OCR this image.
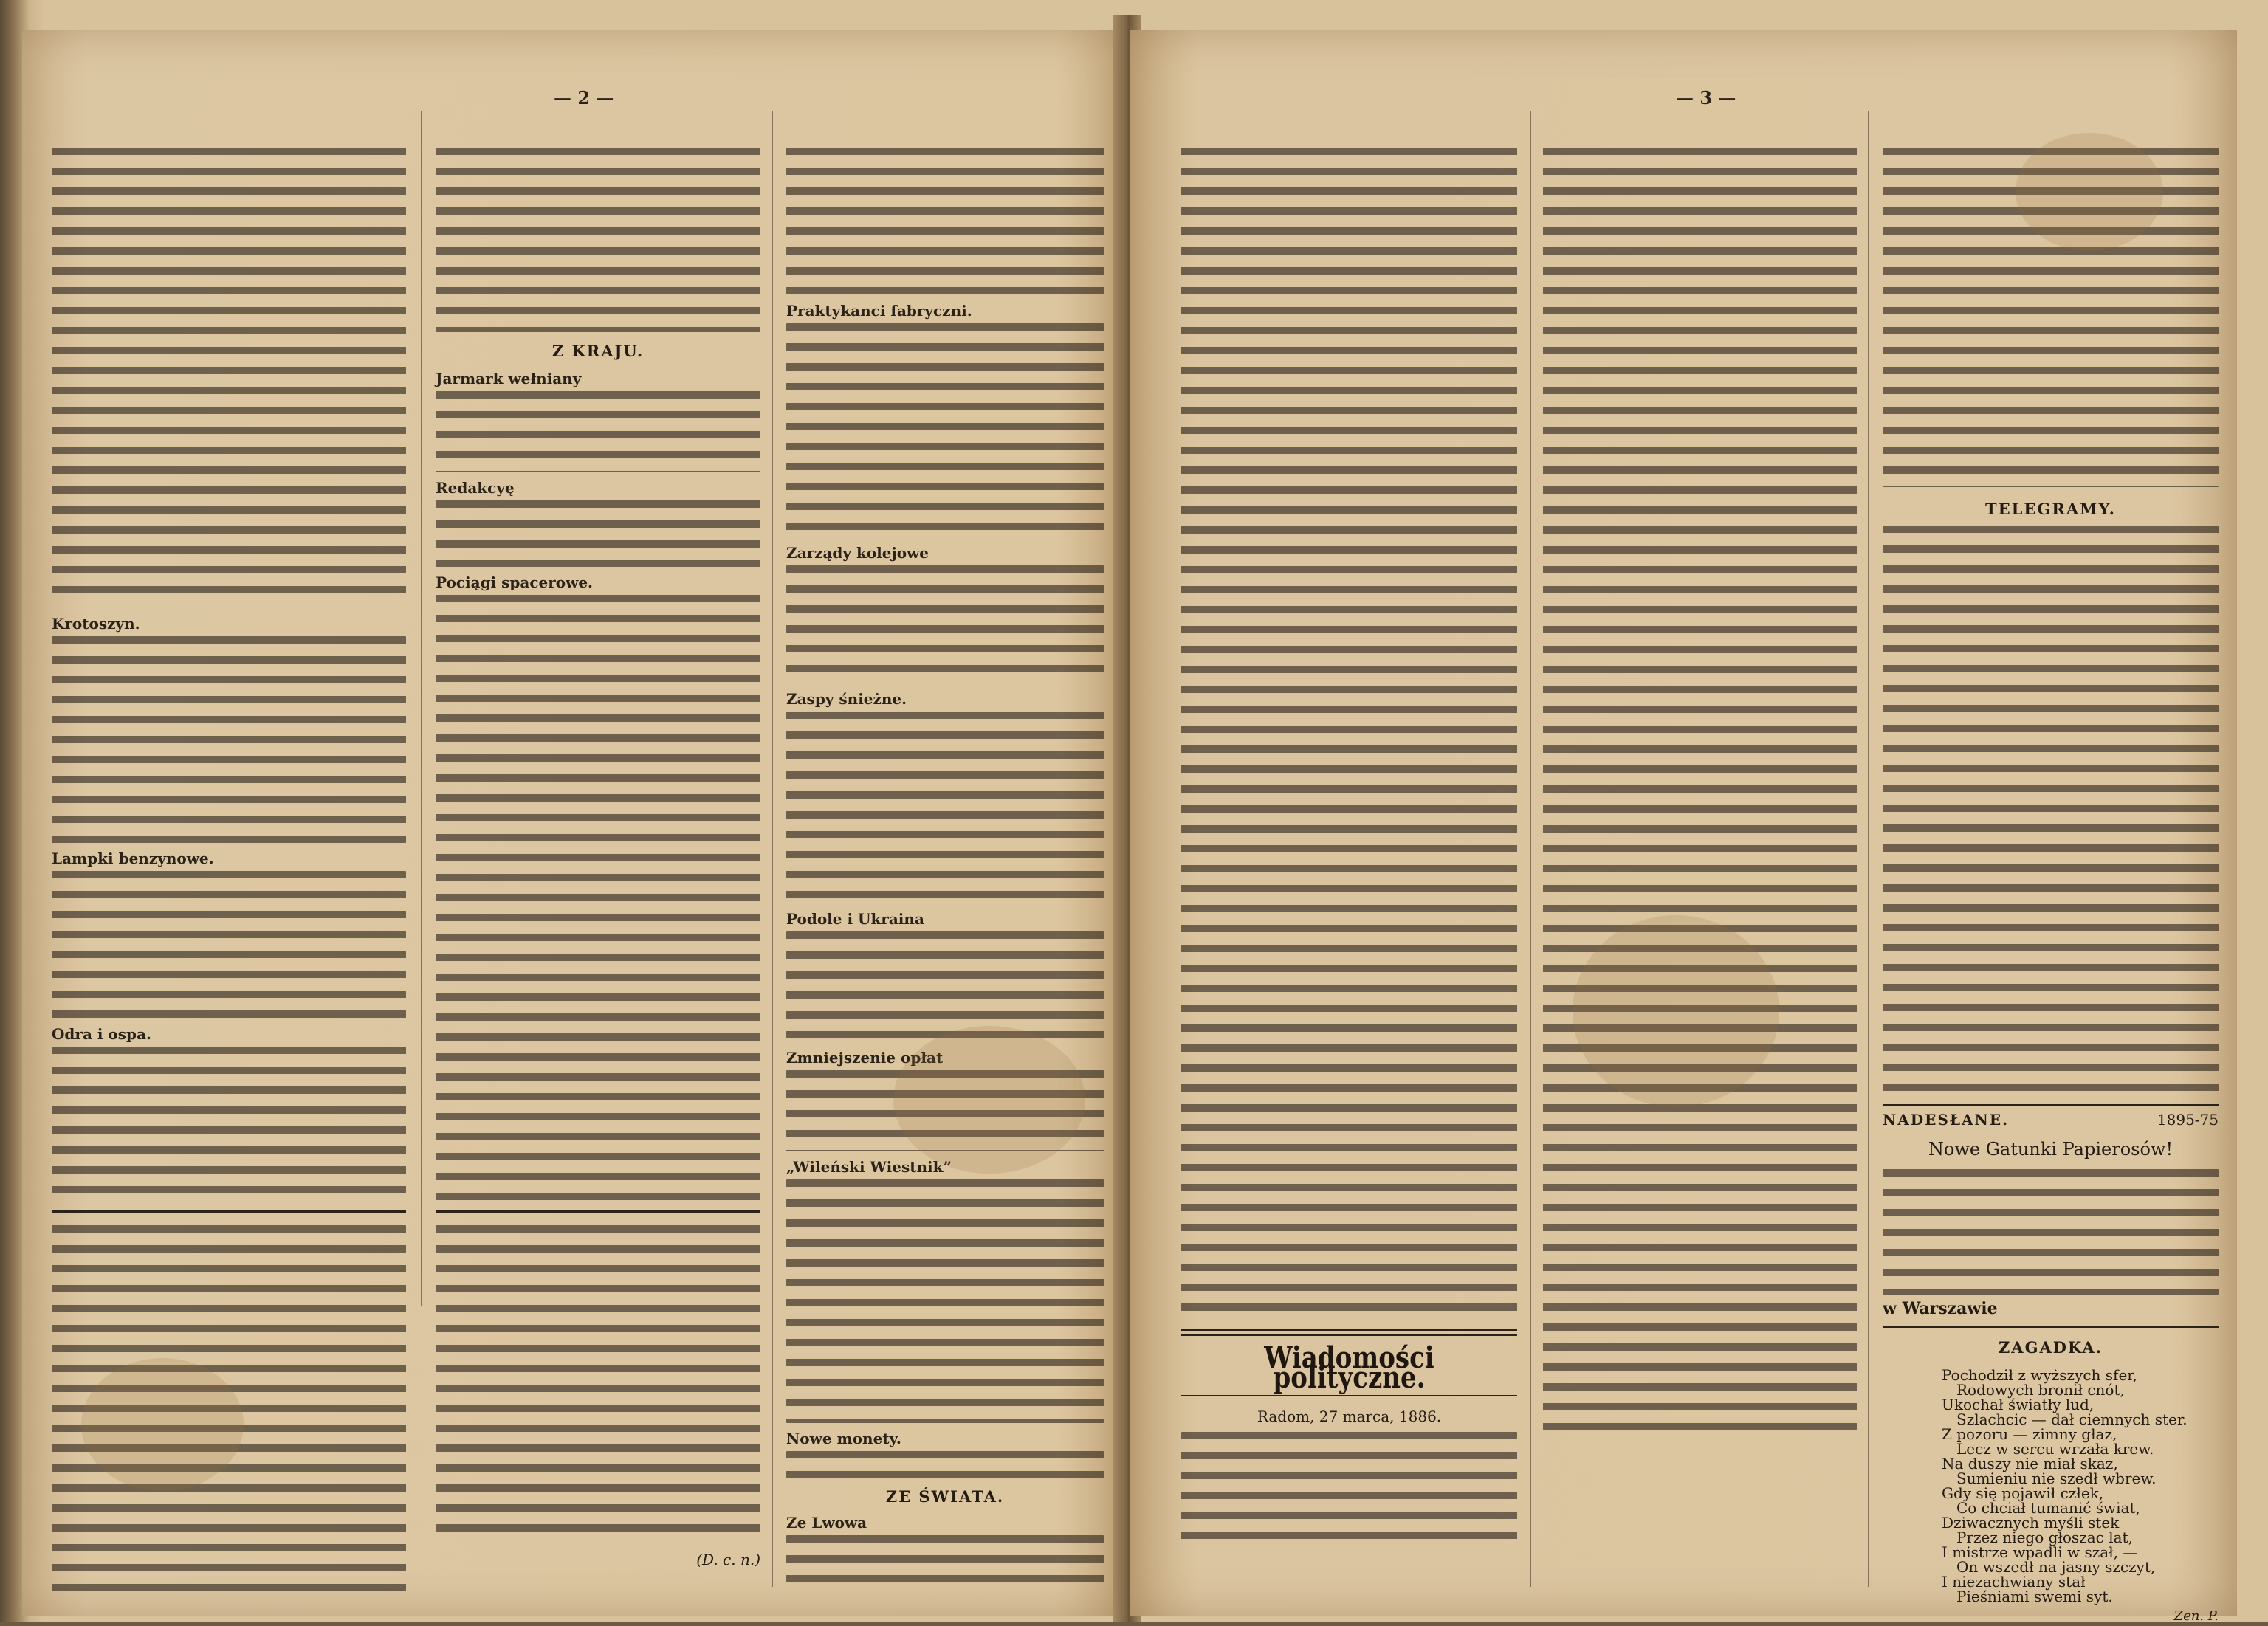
— 2 —
Krotoszyn.
Lampki benzynowe.
Odra i ospa.
Z KRAJU.
Jarmark wełniany
Redakcyę
Pociągi spacerowe.
(D. c. n.)
Praktykanci fabryczni.
Zarządy kolejowe
Zaspy śnieżne.
Podole i Ukraina
Zmniejszenie opłat
„Wileński Wiestnik”
Nowe monety.
ZE ŚWIATA.
Ze Lwowa
— 3 —
Wiadomości polityczne.
Radom, 27 marca, 1886.
TELEGRAMY.
NADESŁANE.	1895-75
Nowe Gatunki Papierosów!
w Warszawie
ZAGADKA.
Pochodził z wyższych sfer,
Rodowych bronił cnót,
Ukochał światły lud,
Szlachcic — dał ciemnych ster.
Z pozoru — zimny głaz,
Lecz w sercu wrzała krew.
Na duszy nie miał skaz,
Sumieniu nie szedł wbrew.
Gdy się pojawił człek,
Co chciał tumanić świat,
Dziwacznych myśli stek
Przez niego głoszac lat,
I mistrze wpadli w szał, —
On wszedł na jasny szczyt,
I niezachwiany stał
Pieśniami swemi syt.
Zen. P.
